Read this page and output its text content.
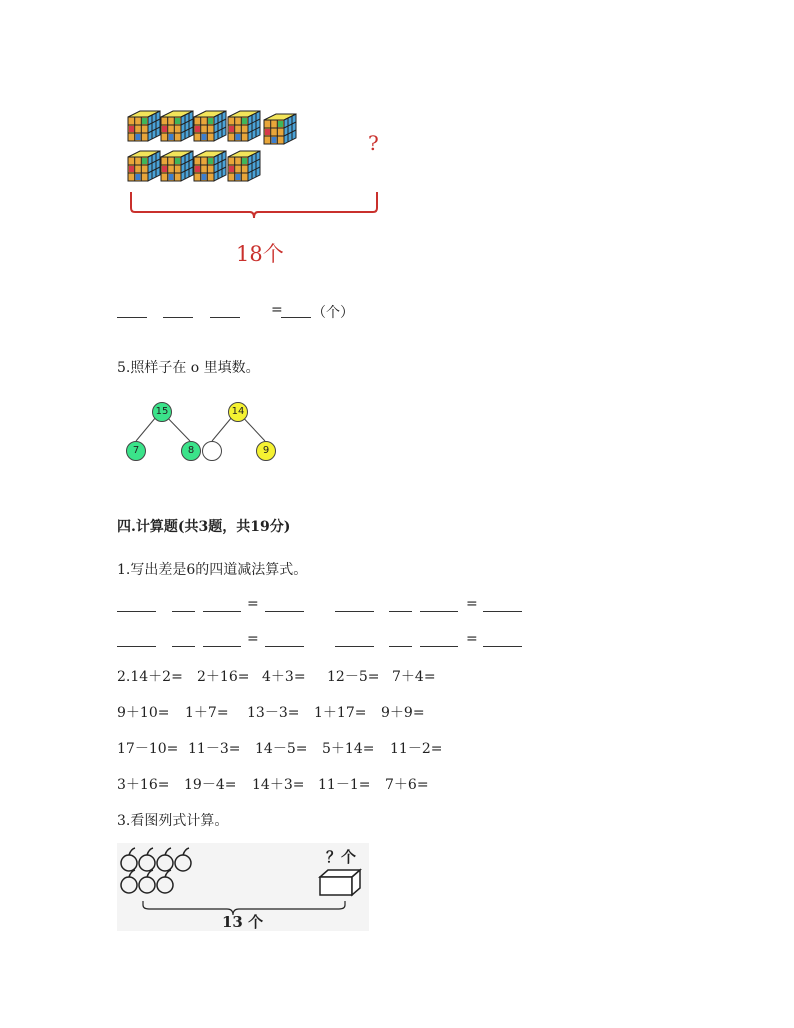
?
18个
= （个）
5.照样子在 o 里填数。
15
7	8
14
9
四.计算题(共3题，共19分)
1.写出差是6的四道减法算式。
=	=
=	=
2.14＋2= 2＋16= 4＋3= 12－5= 7＋4=
9＋10= 1＋7= 13－3= 1＋17= 9＋9=
17－10= 11－3= 14－5= 5＋14= 11－2=
3＋16= 19－4= 14＋3= 11－1= 7＋6=
3.看图列式计算。
？个
13 个
